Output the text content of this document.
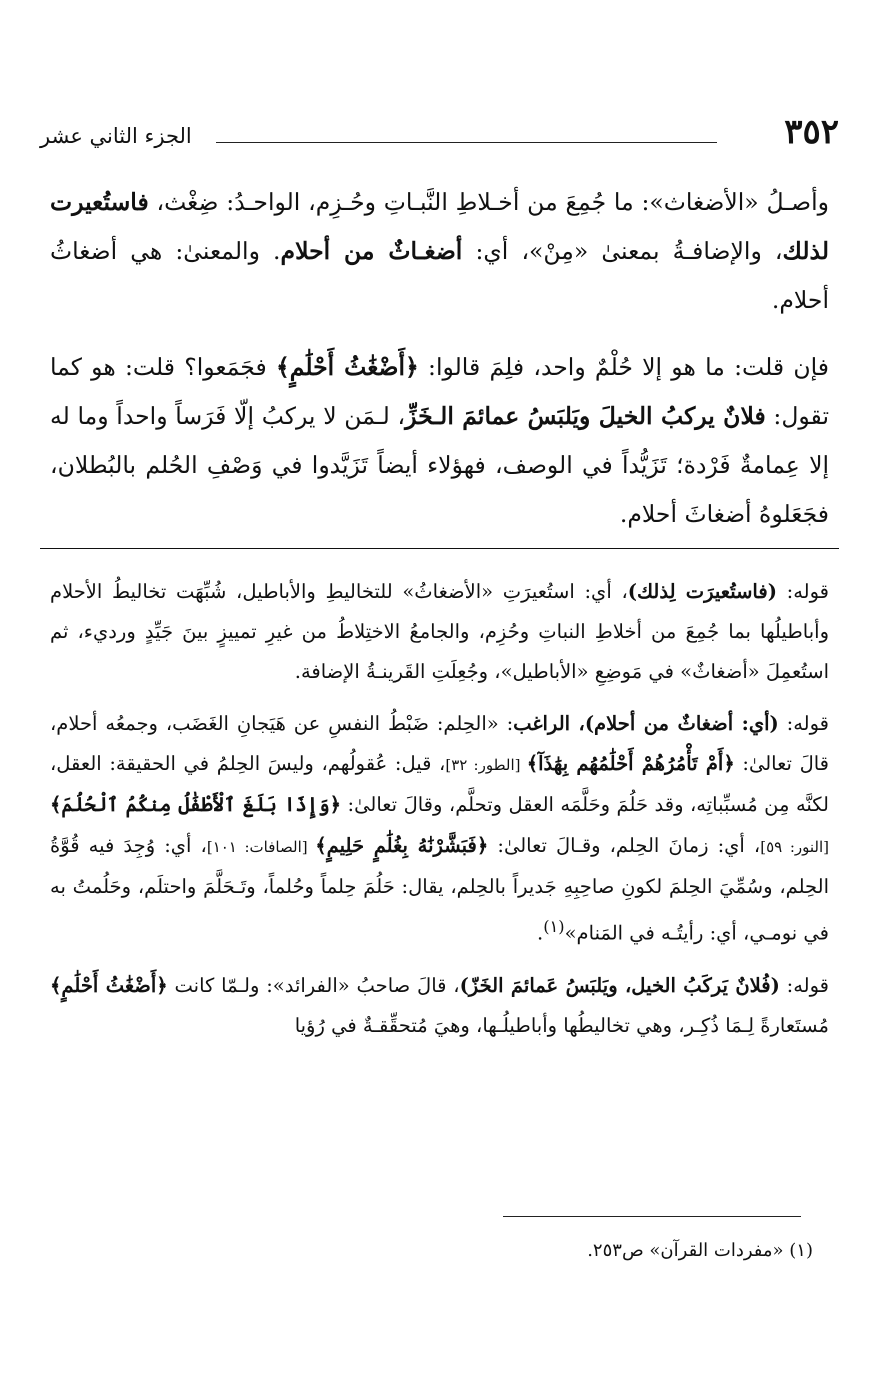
الجزء الثاني عشر	٣٥٢

وأصـلُ «الأضغاث»: ما جُمِعَ من أخـلاطِ النَّبـاتِ وحُـزِم، الواحـدُ: ضِغْث، فاستُعيرت لذلك، والإضافـةُ بمعنىٰ «مِنْ»، أي: أضغـاثٌ من أحلام. والمعنىٰ: هي أضغاثُ أحلام.

فإن قلت: ما هو إلا حُلْمٌ واحد، فلِمَ قالوا: ﴿أَضْغَٰثُ أَحْلَٰمٍ﴾ فجَمَعوا؟ قلت: هو كما تقول: فلانٌ يركبُ الخيلَ ويَلبَسُ عمائمَ الـخَزِّ، لـمَن لا يركبُ إلّا فَرَساً واحداً وما له إلا عِمامةٌ فَرْدة؛ تَزَيُّداً في الوصف، فهؤلاء أيضاً تَزَيَّدوا في وَصْفِ الحُلم بالبُطلان، فجَعَلوهُ أضغاثَ أحلام.

قوله: (فاستُعيرَت لِذلك)، أي: استُعيرَتِ «الأضغاثُ» للتخاليطِ والأباطيل، شُبِّهَت تخاليطُ الأحلام وأباطيلُها بما جُمِعَ من أخلاطِ النباتِ وحُزِم، والجامعُ الاختِلاطُ من غيرِ تمييزٍ بينَ جَيِّدٍ ورديء، ثم استُعمِلَ «أضغاثٌ» في مَوضِعِ «الأباطيل»، وجُعِلَتِ القَرينـةُ الإضافة.

قوله: (أي: أضغاثٌ من أحلام)، الراغب: «الحِلم: ضَبْطُ النفسِ عن هَيَجانِ الغَضَب، وجمعُه أحلام، قالَ تعالىٰ: ﴿أَمْ تَأْمُرُهُمْ أَحْلَٰمُهُم بِهَٰذَآ﴾ [الطور: ٣٢]، قيل: عُقولُهم، وليسَ الحِلمُ في الحقيقة: العقل، لكنَّه مِن مُسبِّباتِه، وقد حَلُمَ وحَلَّمَه العقل وتحلَّم، وقالَ تعالىٰ: ﴿وَإِذَا بَلَغَ ٱلْأَطْفَٰلُ مِنكُمُ ٱلْحُلُمَ﴾ [النور: ٥٩]، أي: زمانَ الحِلم، وقـالَ تعالىٰ: ﴿فَبَشَّرْنَٰهُ بِغُلَٰمٍ حَلِيمٍ﴾ [الصافات: ١٠١]، أي: وُجِدَ فيه قُوَّةُ الحِلم، وسُمِّيَ الحِلمَ لكونِ صاحِبِهِ جَديراً بالحِلم، يقال: حَلُمَ حِلماً وحُلماً، وتَـحَلَّمَ واحتلَم، وحَلُمتُ به في نومـي، أي: رأيتُـه في المَنام»$^{(١)}$.

قوله: (فُلانٌ يَركَبُ الخيل، ويَلبَسُ عَمائمَ الخَزّ)، قالَ صاحبُ «الفرائد»: ولـمّا كانت ﴿أَضْغَٰثُ أَحْلَٰمٍ﴾ مُستَعارةً لِـمَا ذُكِـر، وهي تخاليطُها وأباطيلُـها، وهيَ مُتحقِّقـةٌ في رُؤيا

(١) «مفردات القرآن» ص٢٥٣.
